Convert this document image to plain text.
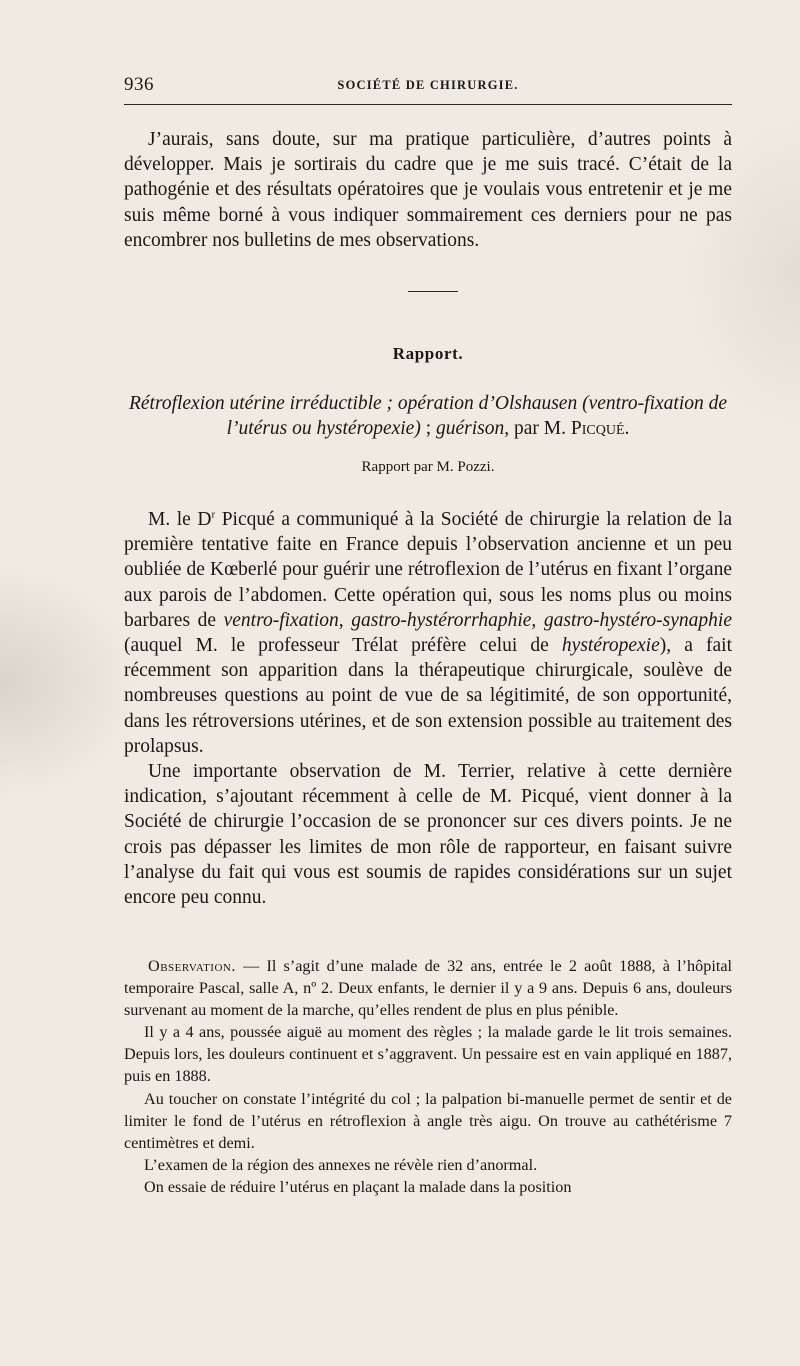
936	SOCIÉTÉ DE CHIRURGIE.

J’aurais, sans doute, sur ma pratique particulière, d’autres points à développer. Mais je sortirais du cadre que je me suis tracé. C’était de la pathogénie et des résultats opératoires que je voulais vous entretenir et je me suis même borné à vous indiquer sommairement ces derniers pour ne pas encombrer nos bulletins de mes observations.

Rapport.
Rétroflexion utérine irréductible ; opération d’Olshausen (ventro-fixation de l’utérus ou hystéropexie) ; guérison, par M. Picqué.
Rapport par M. Pozzi.

M. le $D^r$ Picqué a communiqué à la Société de chirurgie la relation de la première tentative faite en France depuis l’observation ancienne et un peu oubliée de Kœberlé pour guérir une rétroflexion de l’utérus en fixant l’organe aux parois de l’abdomen. Cette opération qui, sous les noms plus ou moins barbares de ventro-fixation, gastro-hystérorrhaphie, gastro-hystéro-synaphie (auquel M. le professeur Trélat préfère celui de hystéropexie), a fait récemment son apparition dans la thérapeutique chirurgicale, soulève de nombreuses questions au point de vue de sa légitimité, de son opportunité, dans les rétroversions utérines, et de son extension possible au traitement des prolapsus.

Une importante observation de M. Terrier, relative à cette dernière indication, s’ajoutant récemment à celle de M. Picqué, vient donner à la Société de chirurgie l’occasion de se prononcer sur ces divers points. Je ne crois pas dépasser les limites de mon rôle de rapporteur, en faisant suivre l’analyse du fait qui vous est soumis de rapides considérations sur un sujet encore peu connu.

Observation. — Il s’agit d’une malade de 32 ans, entrée le 2 août 1888, à l’hôpital temporaire Pascal, salle A, nº 2. Deux enfants, le dernier il y a 9 ans. Depuis 6 ans, douleurs survenant au moment de la marche, qu’elles rendent de plus en plus pénible.

Il y a 4 ans, poussée aiguë au moment des règles ; la malade garde le lit trois semaines. Depuis lors, les douleurs continuent et s’aggravent. Un pessaire est en vain appliqué en 1887, puis en 1888.

Au toucher on constate l’intégrité du col ; la palpation bi-manuelle permet de sentir et de limiter le fond de l’utérus en rétroflexion à angle très aigu. On trouve au cathétérisme 7 centimètres et demi.

L’examen de la région des annexes ne révèle rien d’anormal.

On essaie de réduire l’utérus en plaçant la malade dans la position
